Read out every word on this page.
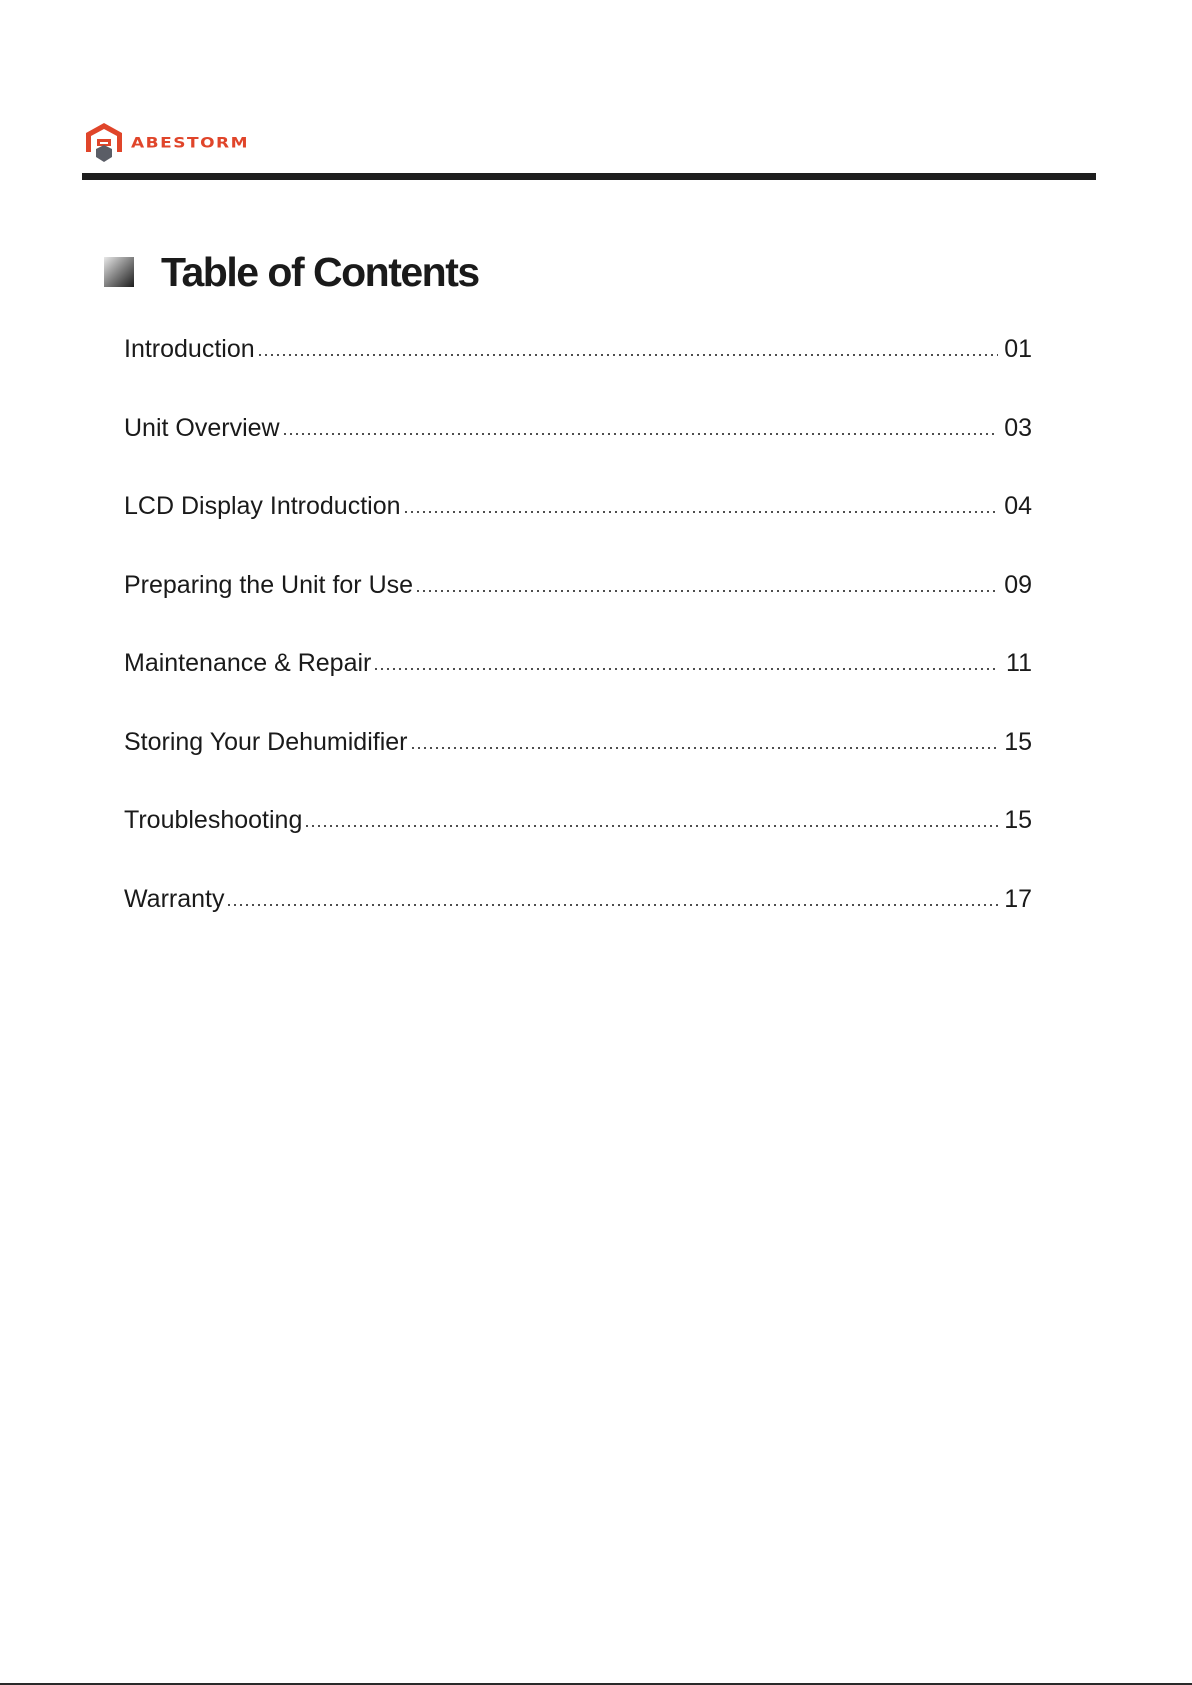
ABESTORM
Table of Contents
Introduction	01
Unit Overview	03
LCD Display Introduction	04
Preparing the Unit for Use	09
Maintenance & Repair	11
Storing Your Dehumidifier	15
Troubleshooting	15
Warranty	17
